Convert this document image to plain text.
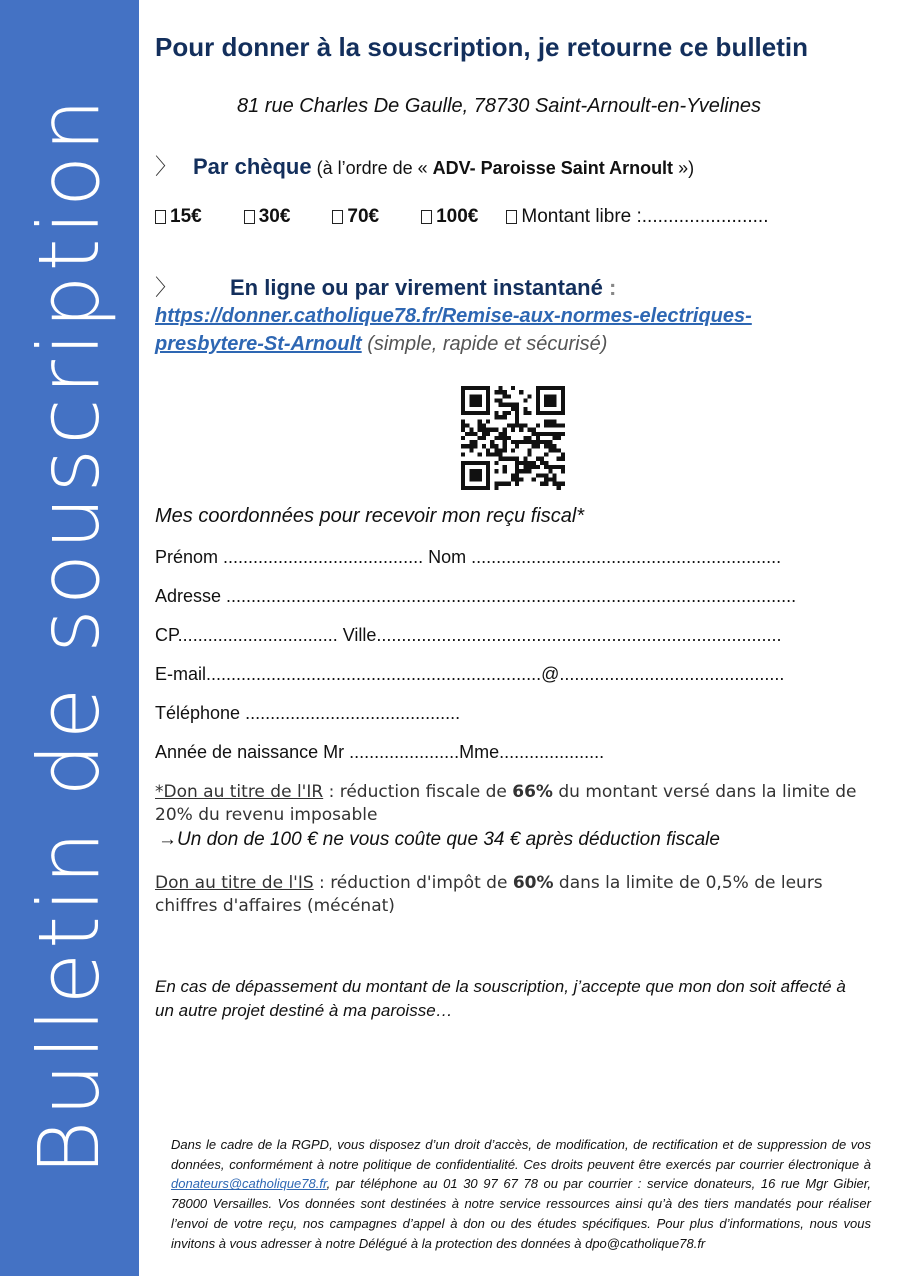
Bulletin de souscription
Pour donner à la souscription, je retourne ce bulletin
81 rue Charles De Gaulle, 78730 Saint-Arnoult-en-Yvelines
〉 Par chèque (à l’ordre de « ADV- Paroisse Saint Arnoult »)
15€	30€	70€	100€ Montant libre :........................
〉 En ligne ou par virement instantané :
https://donner.catholique78.fr/Remise-aux-normes-electriques-
presbytere-St-Arnoult (simple, rapide et sécurisé)
Mes coordonnées pour recevoir mon reçu fiscal*
Prénom ........................................ Nom ..............................................................
Adresse ..................................................................................................................
CP................................ Ville.................................................................................
E-mail...................................................................@.............................................
Téléphone ...........................................
Année de naissance Mr ......................Mme.....................
*Don au titre de l'IR : réduction fiscale de 66% du montant versé dans la limite de 20% du revenu imposable
→Un don de 100 € ne vous coûte que 34 € après déduction fiscale
Don au titre de l'IS : réduction d'impôt de 60% dans la limite de 0,5% de leurs chiffres d'affaires (mécénat)
En cas de dépassement du montant de la souscription, j’accepte que mon don soit affecté à un autre projet destiné à ma paroisse…
Dans le cadre de la RGPD, vous disposez d’un droit d’accès, de modification, de rectification et de suppression de vos données, conformément à notre politique de confidentialité. Ces droits peuvent être exercés par courrier électronique à donateurs@catholique78.fr, par téléphone au 01 30 97 67 78 ou par courrier : service donateurs, 16 rue Mgr Gibier, 78000 Versailles. Vos données sont destinées à notre service ressources ainsi qu’à des tiers mandatés pour réaliser l’envoi de votre reçu, nos campagnes d’appel à don ou des études spécifiques. Pour plus d’informations, nous vous invitons à vous adresser à notre Délégué à la protection des données à dpo@catholique78.fr
